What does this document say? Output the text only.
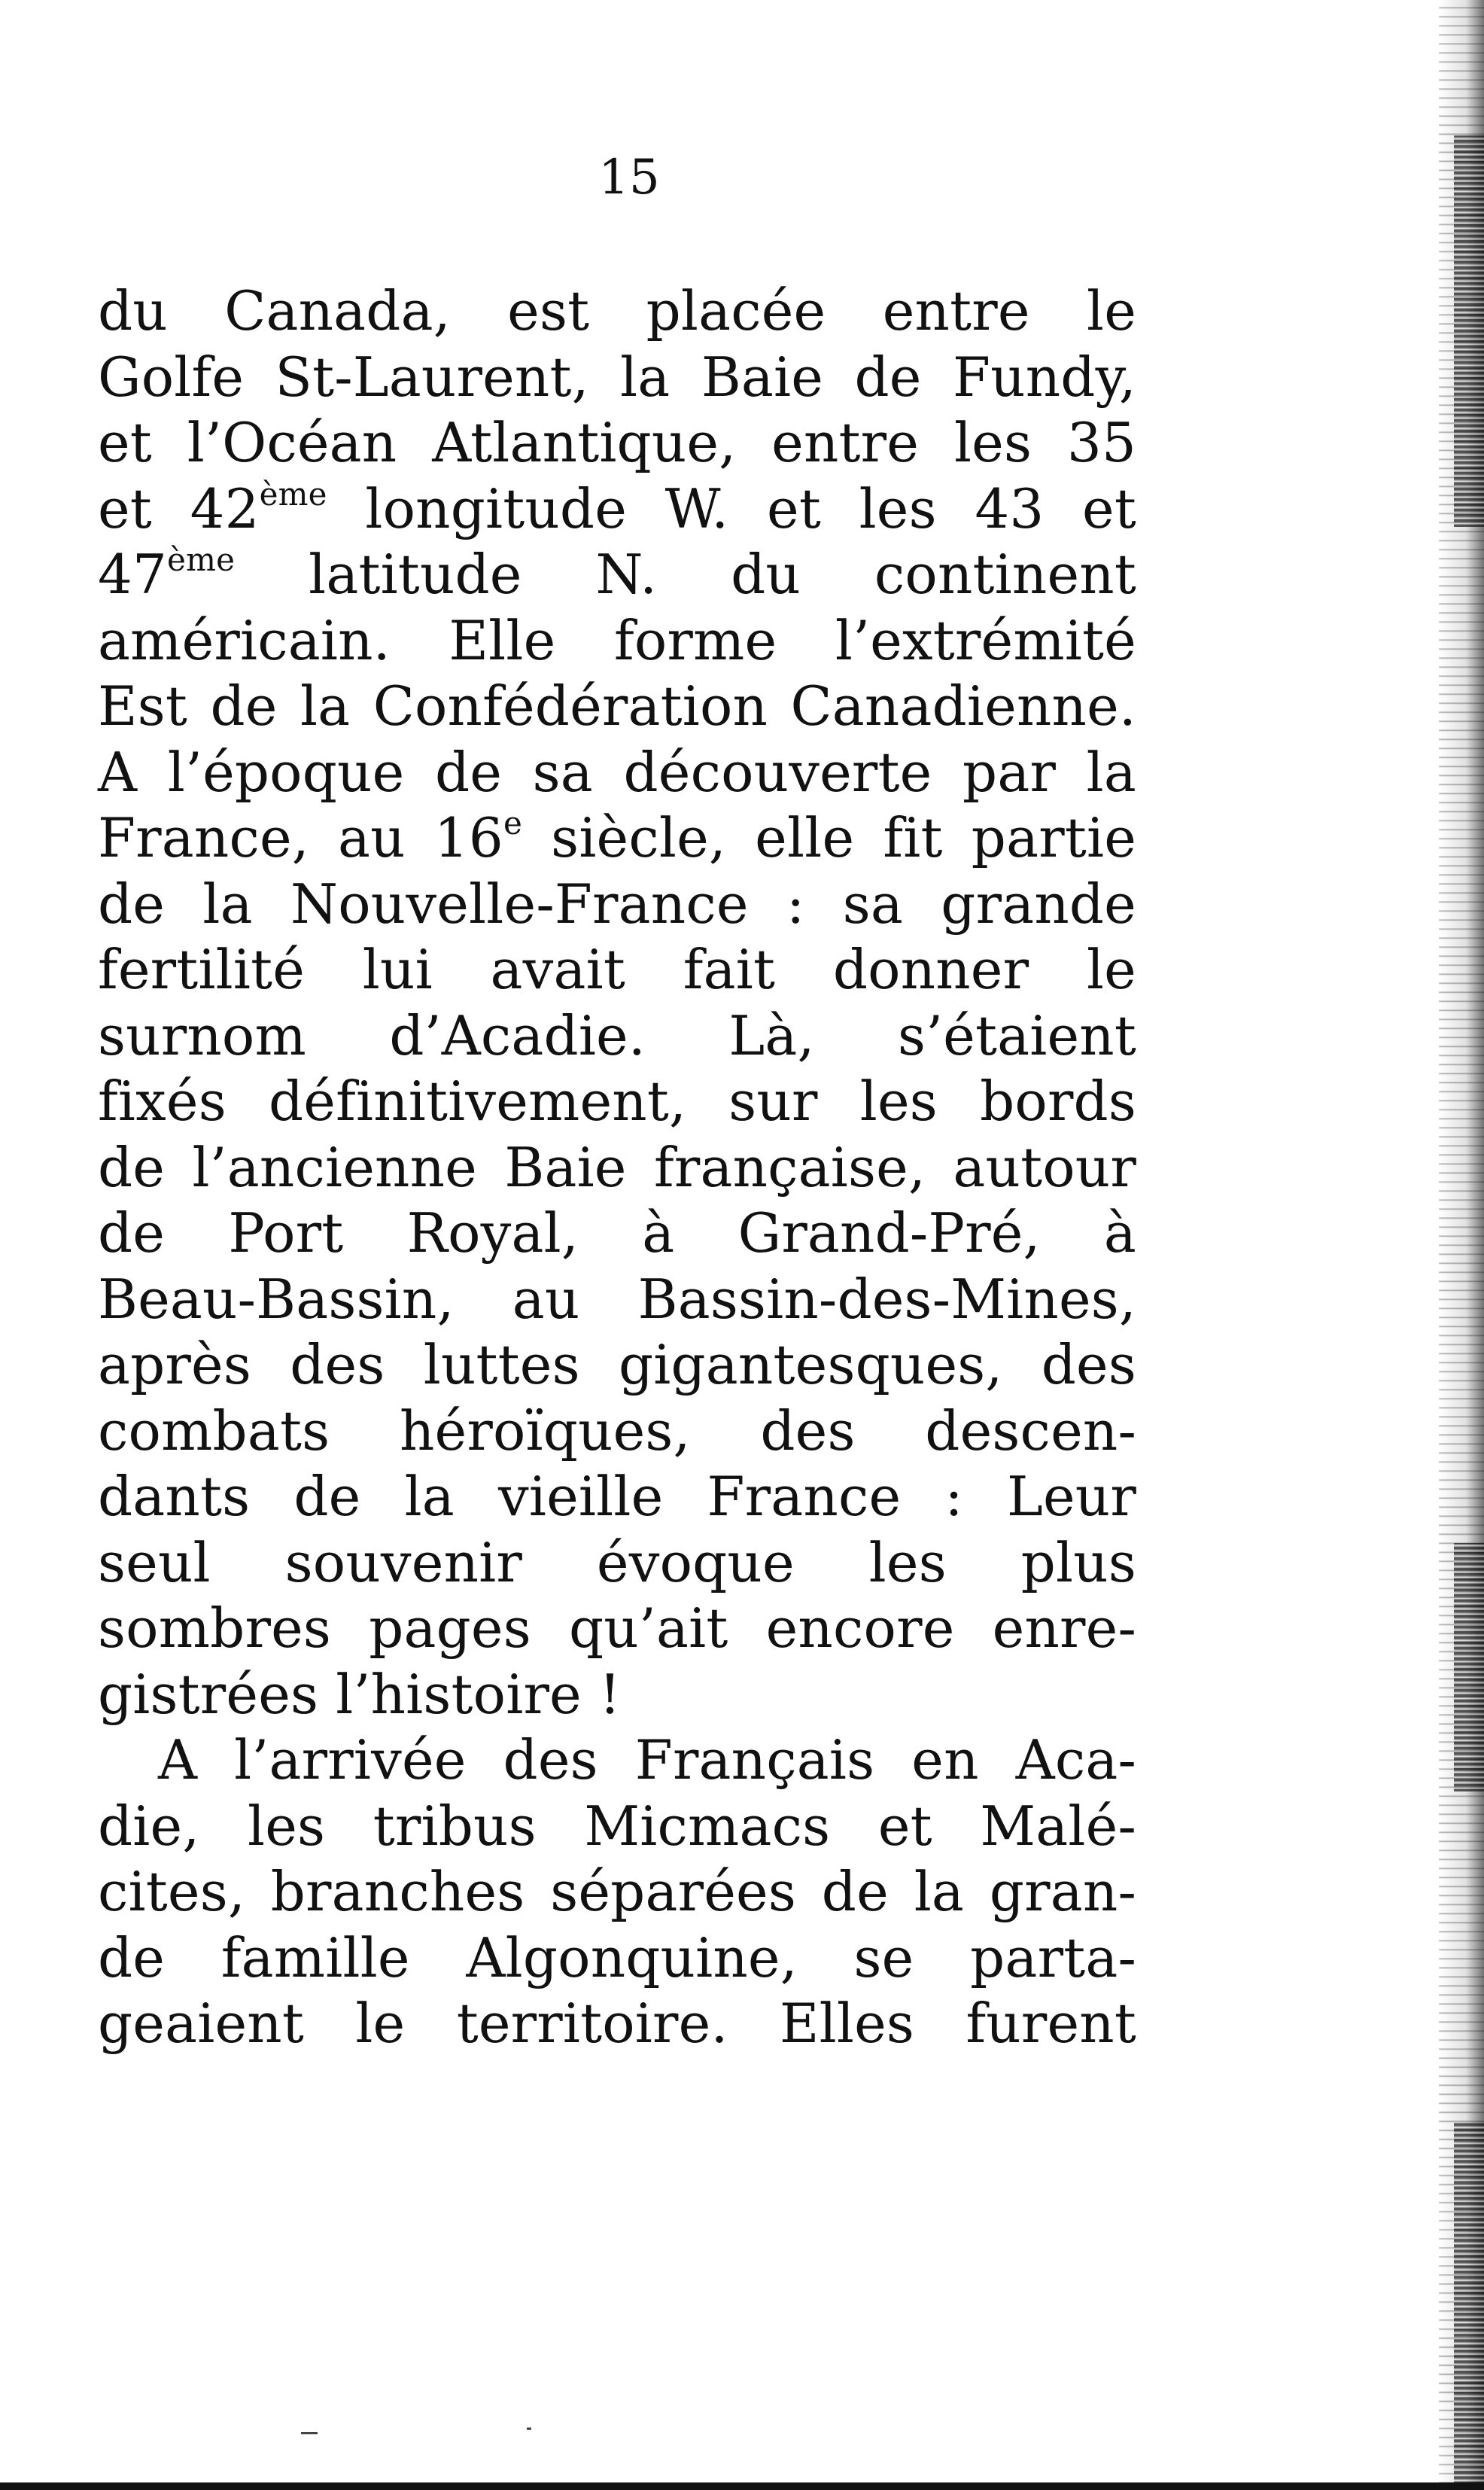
15
du Canada, est placée entre le
Golfe St-Laurent, la Baie de Fundy,
et l’Océan Atlantique, entre les 35
et 42ème longitude W. et les 43 et
47ème latitude N. du continent
américain. Elle forme l’extrémité
Est de la Confédération Canadienne.
A l’époque de sa découverte par la
France, au 16e siècle, elle fit partie
de la Nouvelle-France : sa grande
fertilité lui avait fait donner le
surnom d’Acadie. Là, s’étaient
fixés définitivement, sur les bords
de l’ancienne Baie française, autour
de Port Royal, à Grand-Pré, à
Beau-Bassin, au Bassin-des-Mines,
après des luttes gigantesques, des
combats héroïques, des descen-
dants de la vieille France : Leur
seul souvenir évoque les plus
sombres pages qu’ait encore enre-
gistrées l’histoire !
A l’arrivée des Français en Aca-
die, les tribus Micmacs et Malé-
cites, branches séparées de la gran-
de famille Algonquine, se parta-
geaient le territoire. Elles furent
